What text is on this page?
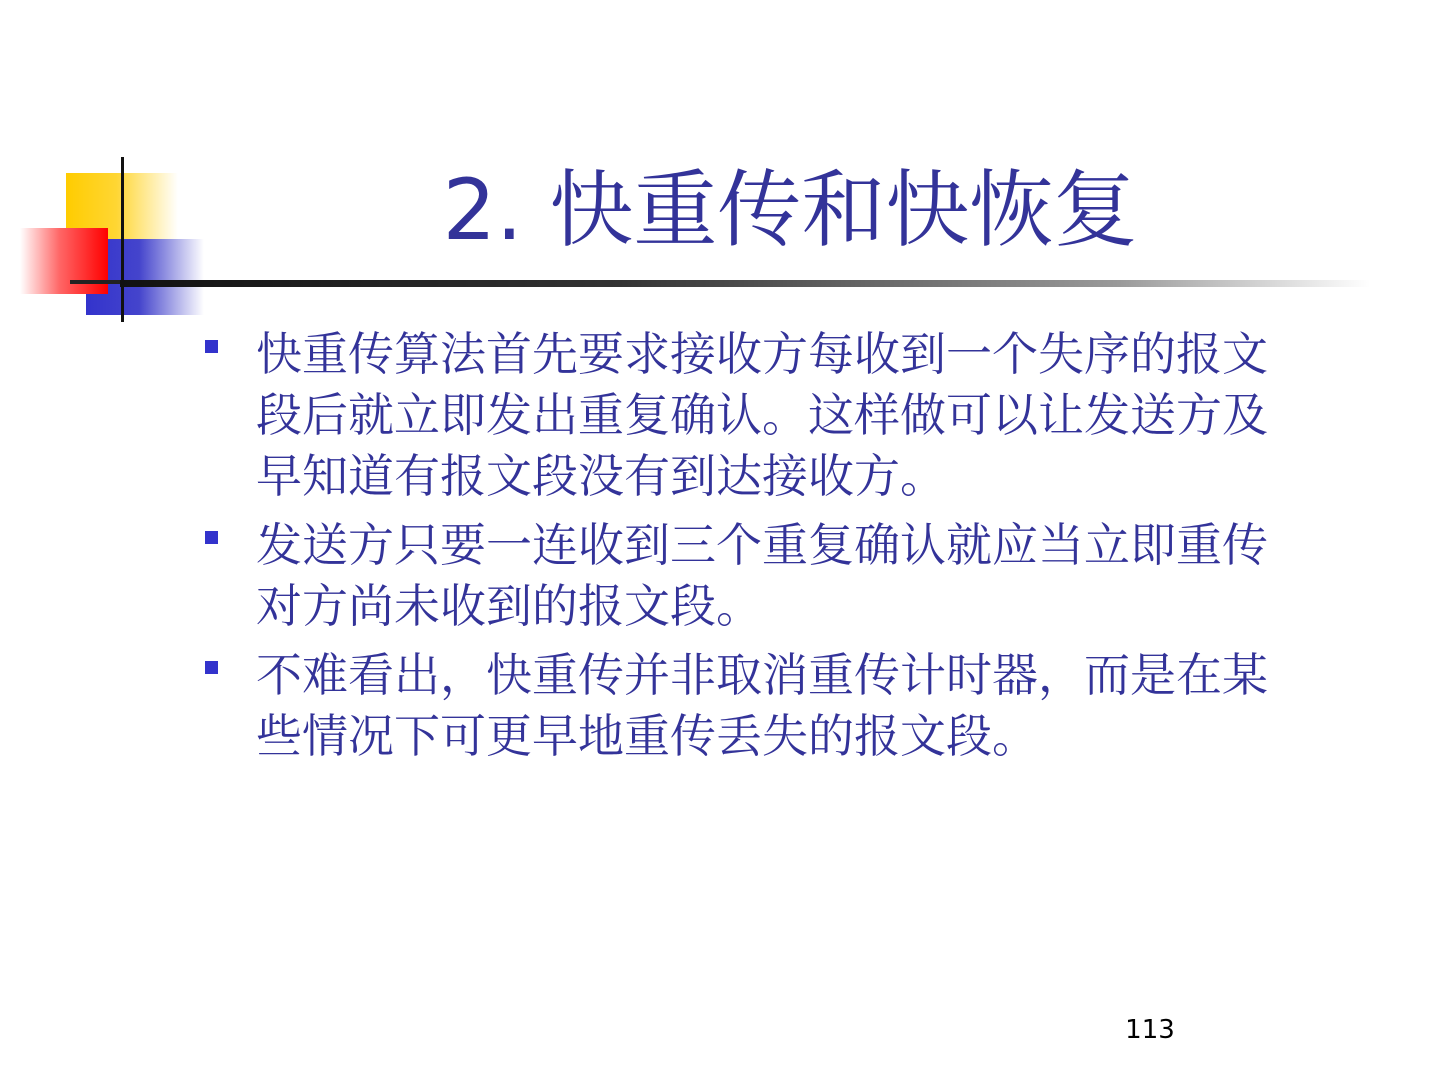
2. 快重传和快恢复
快重传算法首先要求接收方每收到一个失序的报文段后就立即发出重复确认。这样做可以让发送方及早知道有报文段没有到达接收方。
发送方只要一连收到三个重复确认就应当立即重传对方尚未收到的报文段。
不难看出，快重传并非取消重传计时器，而是在某些情况下可更早地重传丢失的报文段。
113
